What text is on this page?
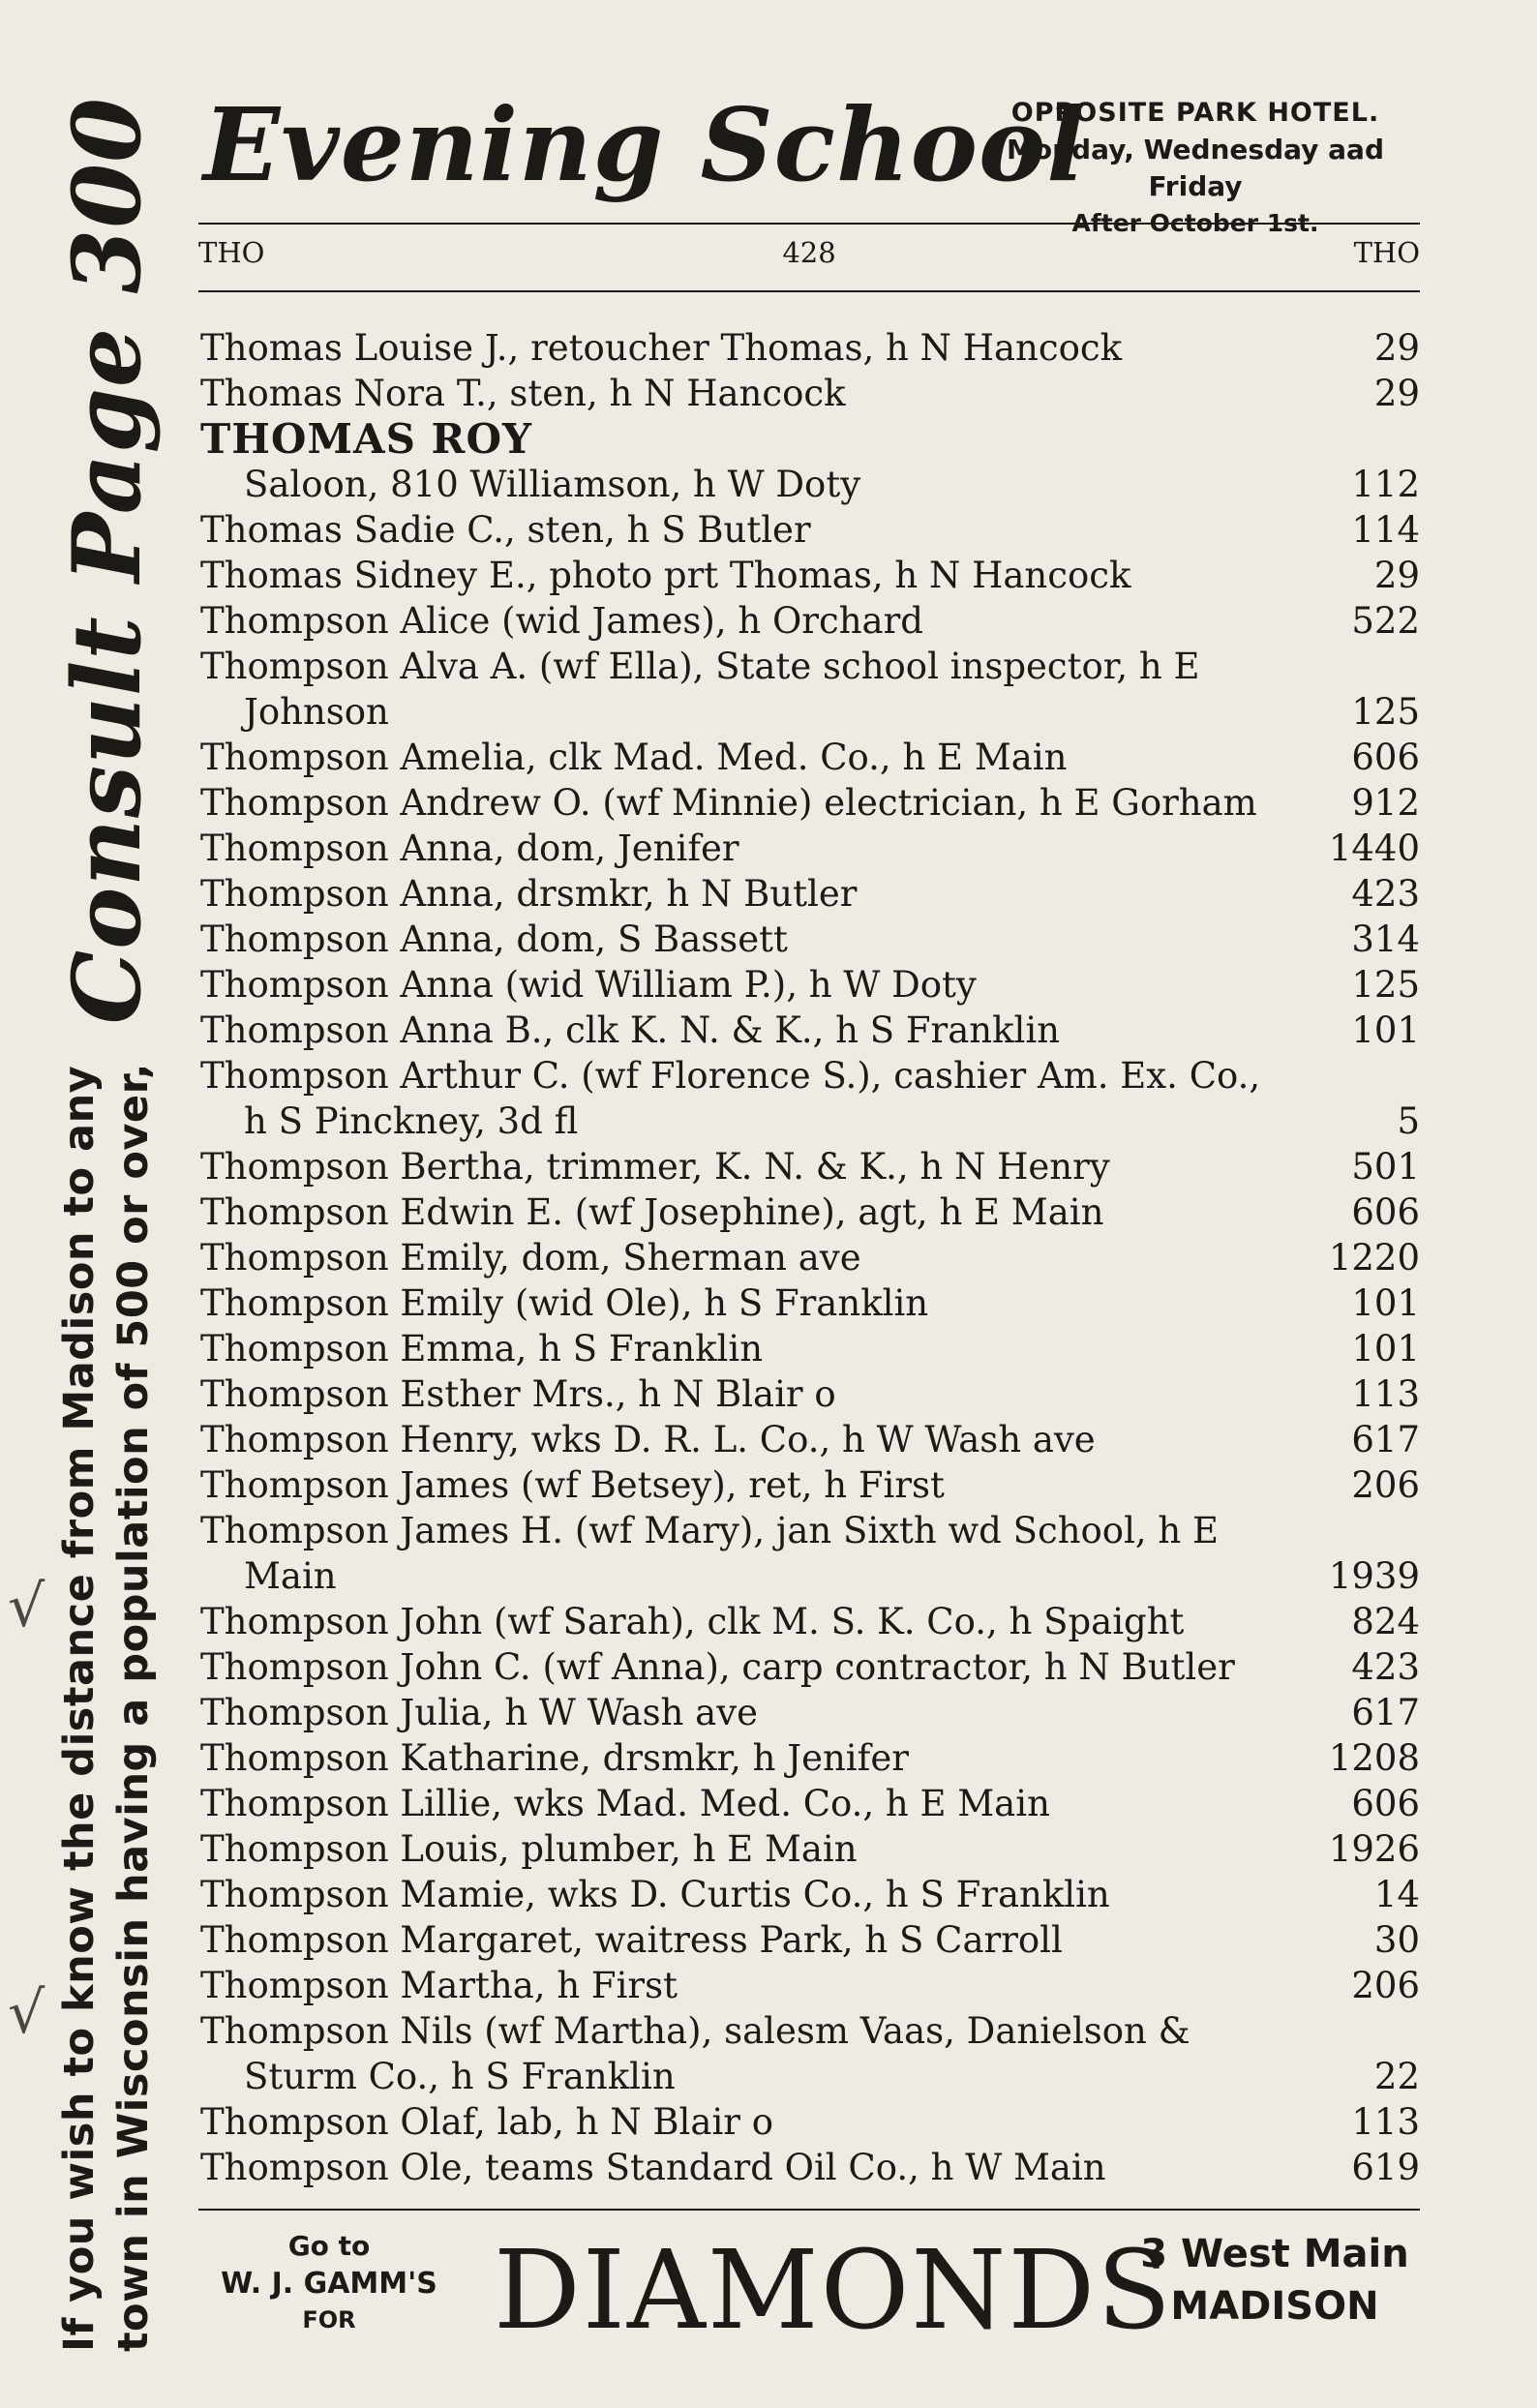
If you wish to know the distance from Madison to any town in Wisconsin having a population of 500 or over,
Consult Page 300 Evening School
OPPOSITE PARK HOTEL.
Monday, Wednesday aad Friday
After October 1st.
THO	428	THO
Thomas Louise J., retoucher Thomas, h N Hancock	29
Thomas Nora T., sten, h N Hancock	29
THOMAS ROY
Saloon, 810 Williamson, h W Doty	112
Thomas Sadie C., sten, h S Butler	114
Thomas Sidney E., photo prt Thomas, h N Hancock	29
Thompson Alice (wid James), h Orchard	522
Thompson Alva A. (wf Ella), State school inspector, h E
Johnson	125
Thompson Amelia, clk Mad. Med. Co., h E Main	606
Thompson Andrew O. (wf Minnie) electrician, h E Gorham	912
Thompson Anna, dom, Jenifer	1440
Thompson Anna, drsmkr, h N Butler	423
Thompson Anna, dom, S Bassett	314
Thompson Anna (wid William P.), h W Doty	125
Thompson Anna B., clk K. N. & K., h S Franklin	101
Thompson Arthur C. (wf Florence S.), cashier Am. Ex. Co.,
h S Pinckney, 3d fl	5
Thompson Bertha, trimmer, K. N. & K., h N Henry	501
Thompson Edwin E. (wf Josephine), agt, h E Main	606
Thompson Emily, dom, Sherman ave	1220
Thompson Emily (wid Ole), h S Franklin	101
Thompson Emma, h S Franklin	101
Thompson Esther Mrs., h N Blair o	113
Thompson Henry, wks D. R. L. Co., h W Wash ave	617
Thompson James (wf Betsey), ret, h First	206
Thompson James H. (wf Mary), jan Sixth wd School, h E
Main	1939
Thompson John (wf Sarah), clk M. S. K. Co., h Spaight	824
Thompson John C. (wf Anna), carp contractor, h N Butler	423
Thompson Julia, h W Wash ave	617
Thompson Katharine, drsmkr, h Jenifer	1208
Thompson Lillie, wks Mad. Med. Co., h E Main	606
Thompson Louis, plumber, h E Main	1926
Thompson Mamie, wks D. Curtis Co., h S Franklin	14
Thompson Margaret, waitress Park, h S Carroll	30
Thompson Martha, h First	206
Thompson Nils (wf Martha), salesm Vaas, Danielson &
Sturm Co., h S Franklin	22
Thompson Olaf, lab, h N Blair o	113
Thompson Ole, teams Standard Oil Co., h W Main	619
Go to
W. J. GAMM'S
FOR	DIAMONDS
3 West Main
MADISON
√
√
